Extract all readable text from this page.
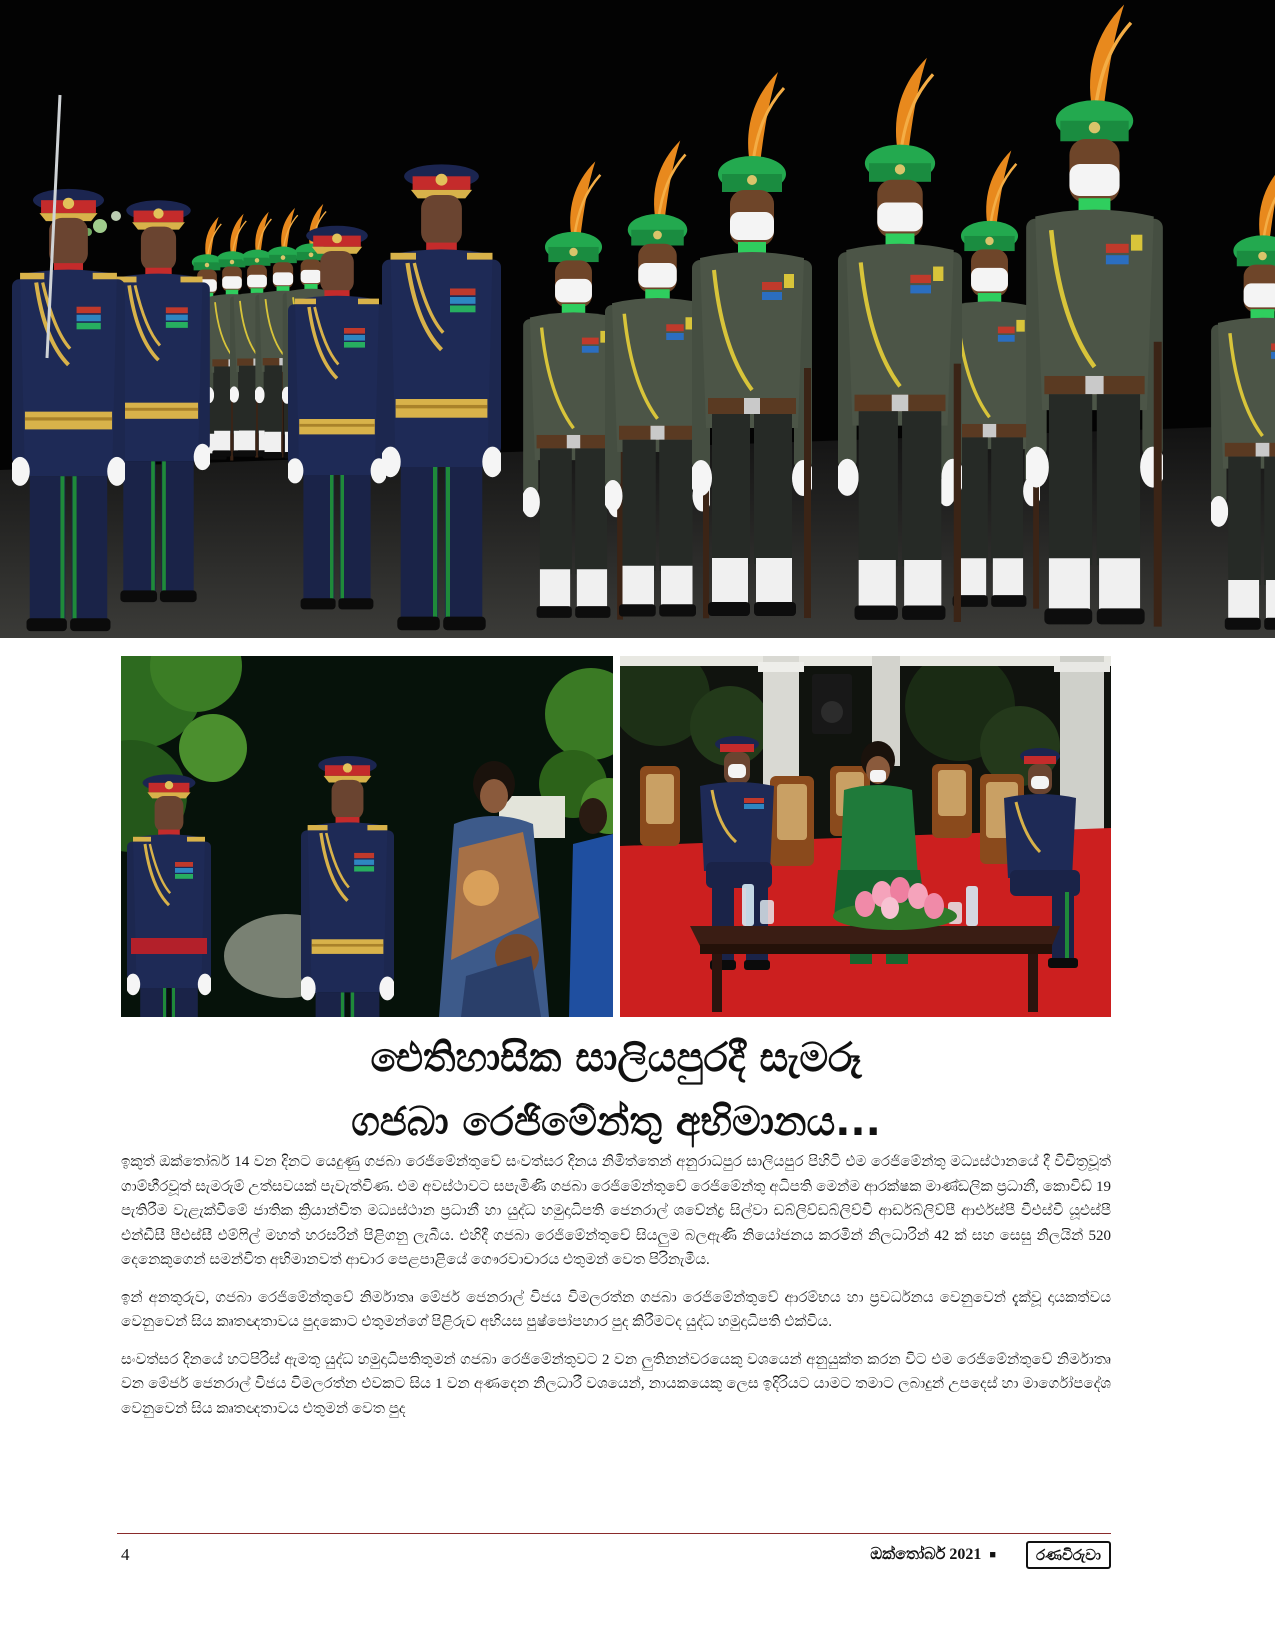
ඓතිහාසික සාලියපුරදී සැමරූ
ගජබා රෙජිමේන්තු අභිමානය...

ඉකුත් ඔක්තෝබර් 14 වන දිනට යෙදුණු ගජබා රෙජිමේන්තුවේ සංවත්සර දිනය නිමිත්තෙන් අනුරාධපුර සාලියපුර පිහිටි එම රෙජිමේන්තු මධ්‍යස්ථානයේ දී විචිත්‍රවූත් ගාම්භීරවූත් සැමරුම් උත්සවයක් පැවැත්විණ. එම අවස්ථාවට සපැමිණි ගජබා රෙජිමේන්තුවේ රෙජිමේන්තු අධිපති මෙන්ම ආරක්ෂක මාණ්ඩලික ප්‍රධානී, කොවිඩ් 19 පැතිරීම වැළැක්වීමේ ජාතික ක්‍රියාන්විත මධ්‍යස්ථාන ප්‍රධානී හා යුද්ධ හමුදාධිපති ජෙනරාල් ශවේන්ද්‍ර සිල්වා ඩබ්ලිව්ඩබ්ලිව්වී ආර්ඩබ්ලිව්පී ආර්එස්පී වීඑස්වී යූඑස්පී එන්ඩීසී පීඑස්සී එම්ෆිල් මහත් හරසරින් පිළිගනු ලැබීය. එහිදී ගජබා රෙජිමේන්තුවේ සියලුම බලඇණි නියෝජනය කරමින් නිලධාරින් 42 ක් සහ සෙසු නිලයින් 520 දෙනෙකුගෙන් සමන්විත අභිමානවත් ආචාර පෙළපාළියේ ගෞරවාචාරය එතුමන් වෙත පිරිනැමීය.

ඉන් අනතුරුව, ගජබා රෙජිමේන්තුවේ නිර්මාතෘ මේජර් ජෙනරාල් විජය විමලරත්න ගජබා රෙජිමේන්තුවේ ආරම්භය හා ප්‍රවර්ධනය වෙනුවෙන් දැක්වූ දායකත්වය වෙනුවෙන් සිය කෘතඥතාවය පුදකොට එතුමන්ගේ පිළිරුව අභියස පුෂ්පෝපහාර පුද කිරීමටද යුද්ධ හමුදාධිපති එක්විය.

සංවත්සර දිනයේ හටපිරිස් ඇමතූ යුද්ධ හමුදාධිපතිතුමන් ගජබා රෙජිමේන්තුවට 2 වන ලුතිනන්වරයෙකු වශයෙන් අනුයුක්ත කරන විට එම රෙජිමේන්තුවේ නිර්මාතෘ වන මේජර් ජෙනරාල් විජය විමලරත්න එවකට සිය 1 වන අණදෙන නිලධාරී වශයෙන්, නායකයෙකු ලෙස ඉදිරියට යාමට තමාට ලබාදුන් උපදෙස් හා මාර්ගෝපදේශ වෙනුවෙන් සිය කෘතඥතාවය එතුමන් වෙත පුද

4	ඔක්තෝබර් 2021 ■	රණවිරුවා
